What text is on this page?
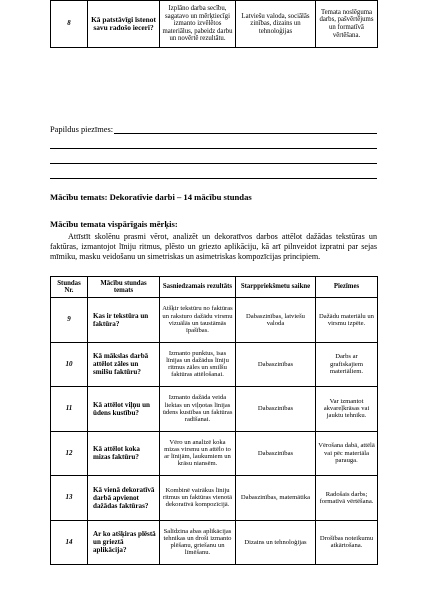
8	Kā patstāvīgi īstenot savu radošo ieceri?	Izplāno darba secību, sagatavo un mērķtiecīgi izmanto izvēlētos materiālus, pabeidz darbu un novērtē rezultātu.	Latviešu valoda, sociālās zinības, dizains un tehnoloģijas	Temata noslēguma darbs, pašvērtējums un formatīvā vērtēšana.
Papildus piezīmes:
Mācību temats: Dekoratīvie darbi – 14 mācību stundas
Mācību temata vispārīgais mērķis:
Attīstīt skolēnu prasmi vērot, analizēt un dekoratīvos darbos attēlot dažādas tekstūras un faktūras, izmantojot līniju ritmus, plēsto un griezto aplikāciju, kā arī pilnveidot izpratni par sejas mīmiku, masku veidošanu un simetriskas un asimetriskas kompozīcijas principiem.
Stundas Nr.	Mācību stundas temats	Sasniedzamais rezultāts	Starppriekšmetu saikne	Piezīmes
9	Kas ir tekstūra un faktūra?	Atšķir tekstūru no faktūras un raksturo dažādu virsmu vizuālās un taustāmās īpašības.	Dabaszinības, latviešu valoda	Dažādu materiālu un virsmu izpēte.
10	Kā mākslas darbā attēlot zāles un smilšu faktūru?	Izmanto punktus, īsas līnijas un dažādus līniju ritmus zāles un smilšu faktūras attēlošanai.	Dabaszinības	Darbs ar grafiskajiem materiāliem.
11	Kā attēlot viļņu un ūdens kustību?	Izmanto dažāda veida liektas un viļņotas līnijas ūdens kustības un faktūras radīšanai.	Dabaszinības	Var izmantot akvareļkrāsas vai jauktu tehniku.
12	Kā attēlot koka mizas faktūru?	Vēro un analizē koka mizas virsmu un attēlo to ar līnijām, laukumiem un krāsu niansēm.	Dabaszinības	Vērošana dabā, attēlā vai pēc materiāla parauga.
13	Kā vienā dekoratīvā darbā apvienot dažādas faktūras?	Kombinē vairākus līniju ritmus un faktūras vienotā dekoratīvā kompozīcijā.	Dabaszinības, matemātika	Radošais darbs; formatīvā vērtēšana.
14	Ar ko atšķiras plēstā un grieztā aplikācija?	Salīdzina abas aplikācijas tehnikas un droši izmanto plēšanu, griešanu un līmēšanu.	Dizains un tehnoloģijas	Drošības noteikumu atkārtošana.
